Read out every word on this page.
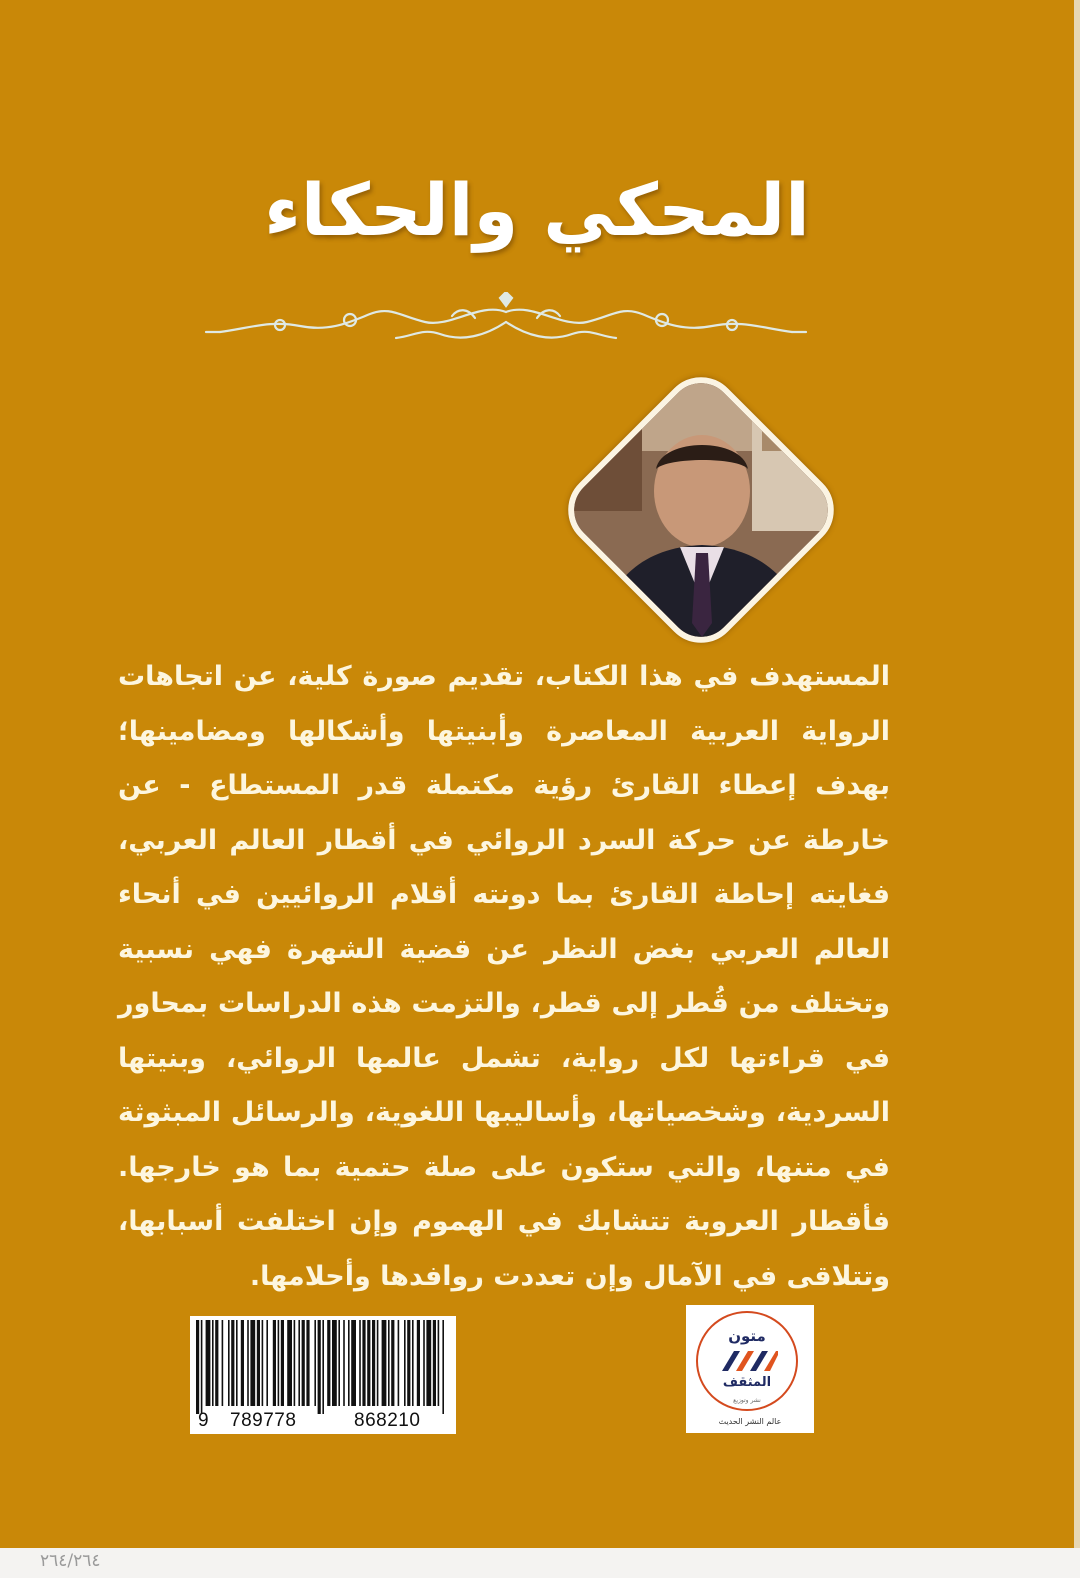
المحكي والحكاء
المستهدف في هذا الكتاب، تقديم صورة كلية، عن اتجاهات الرواية العربية المعاصرة وأبنيتها وأشكالها ومضامينها؛ بهدف إعطاء القارئ رؤية مكتملة‌ قدر المستطاع - عن خارطة عن حركة السرد الروائي في أقطار العالم العربي، فغايته إحاطة القارئ بما دونته أقلام الروائيين في أنحاء العالم العربي بغض النظر عن قضية الشهرة فهي نسبية وتختلف من قُطر إلى قطر، والتزمت هذه الدراسات بمحاور في قراءتها لكل رواية، تشمل عالمها الروائي، وبنيتها السردية، وشخصياتها، وأساليبها اللغوية، والرسائل المبثوثة في متنها، والتي ستكون على صلة حتمية بما هو خارجها. فأقطار العروبة تتشابك في الهموم وإن اختلفت أسبابها، وتتلاقى في الآمال وإن تعددت روافدها وأحلامها.

9

789778

	868210

متون
المثقف
نشر وتوزيع
عالم النشر الحديث
٢٦٤/٢٦٤
